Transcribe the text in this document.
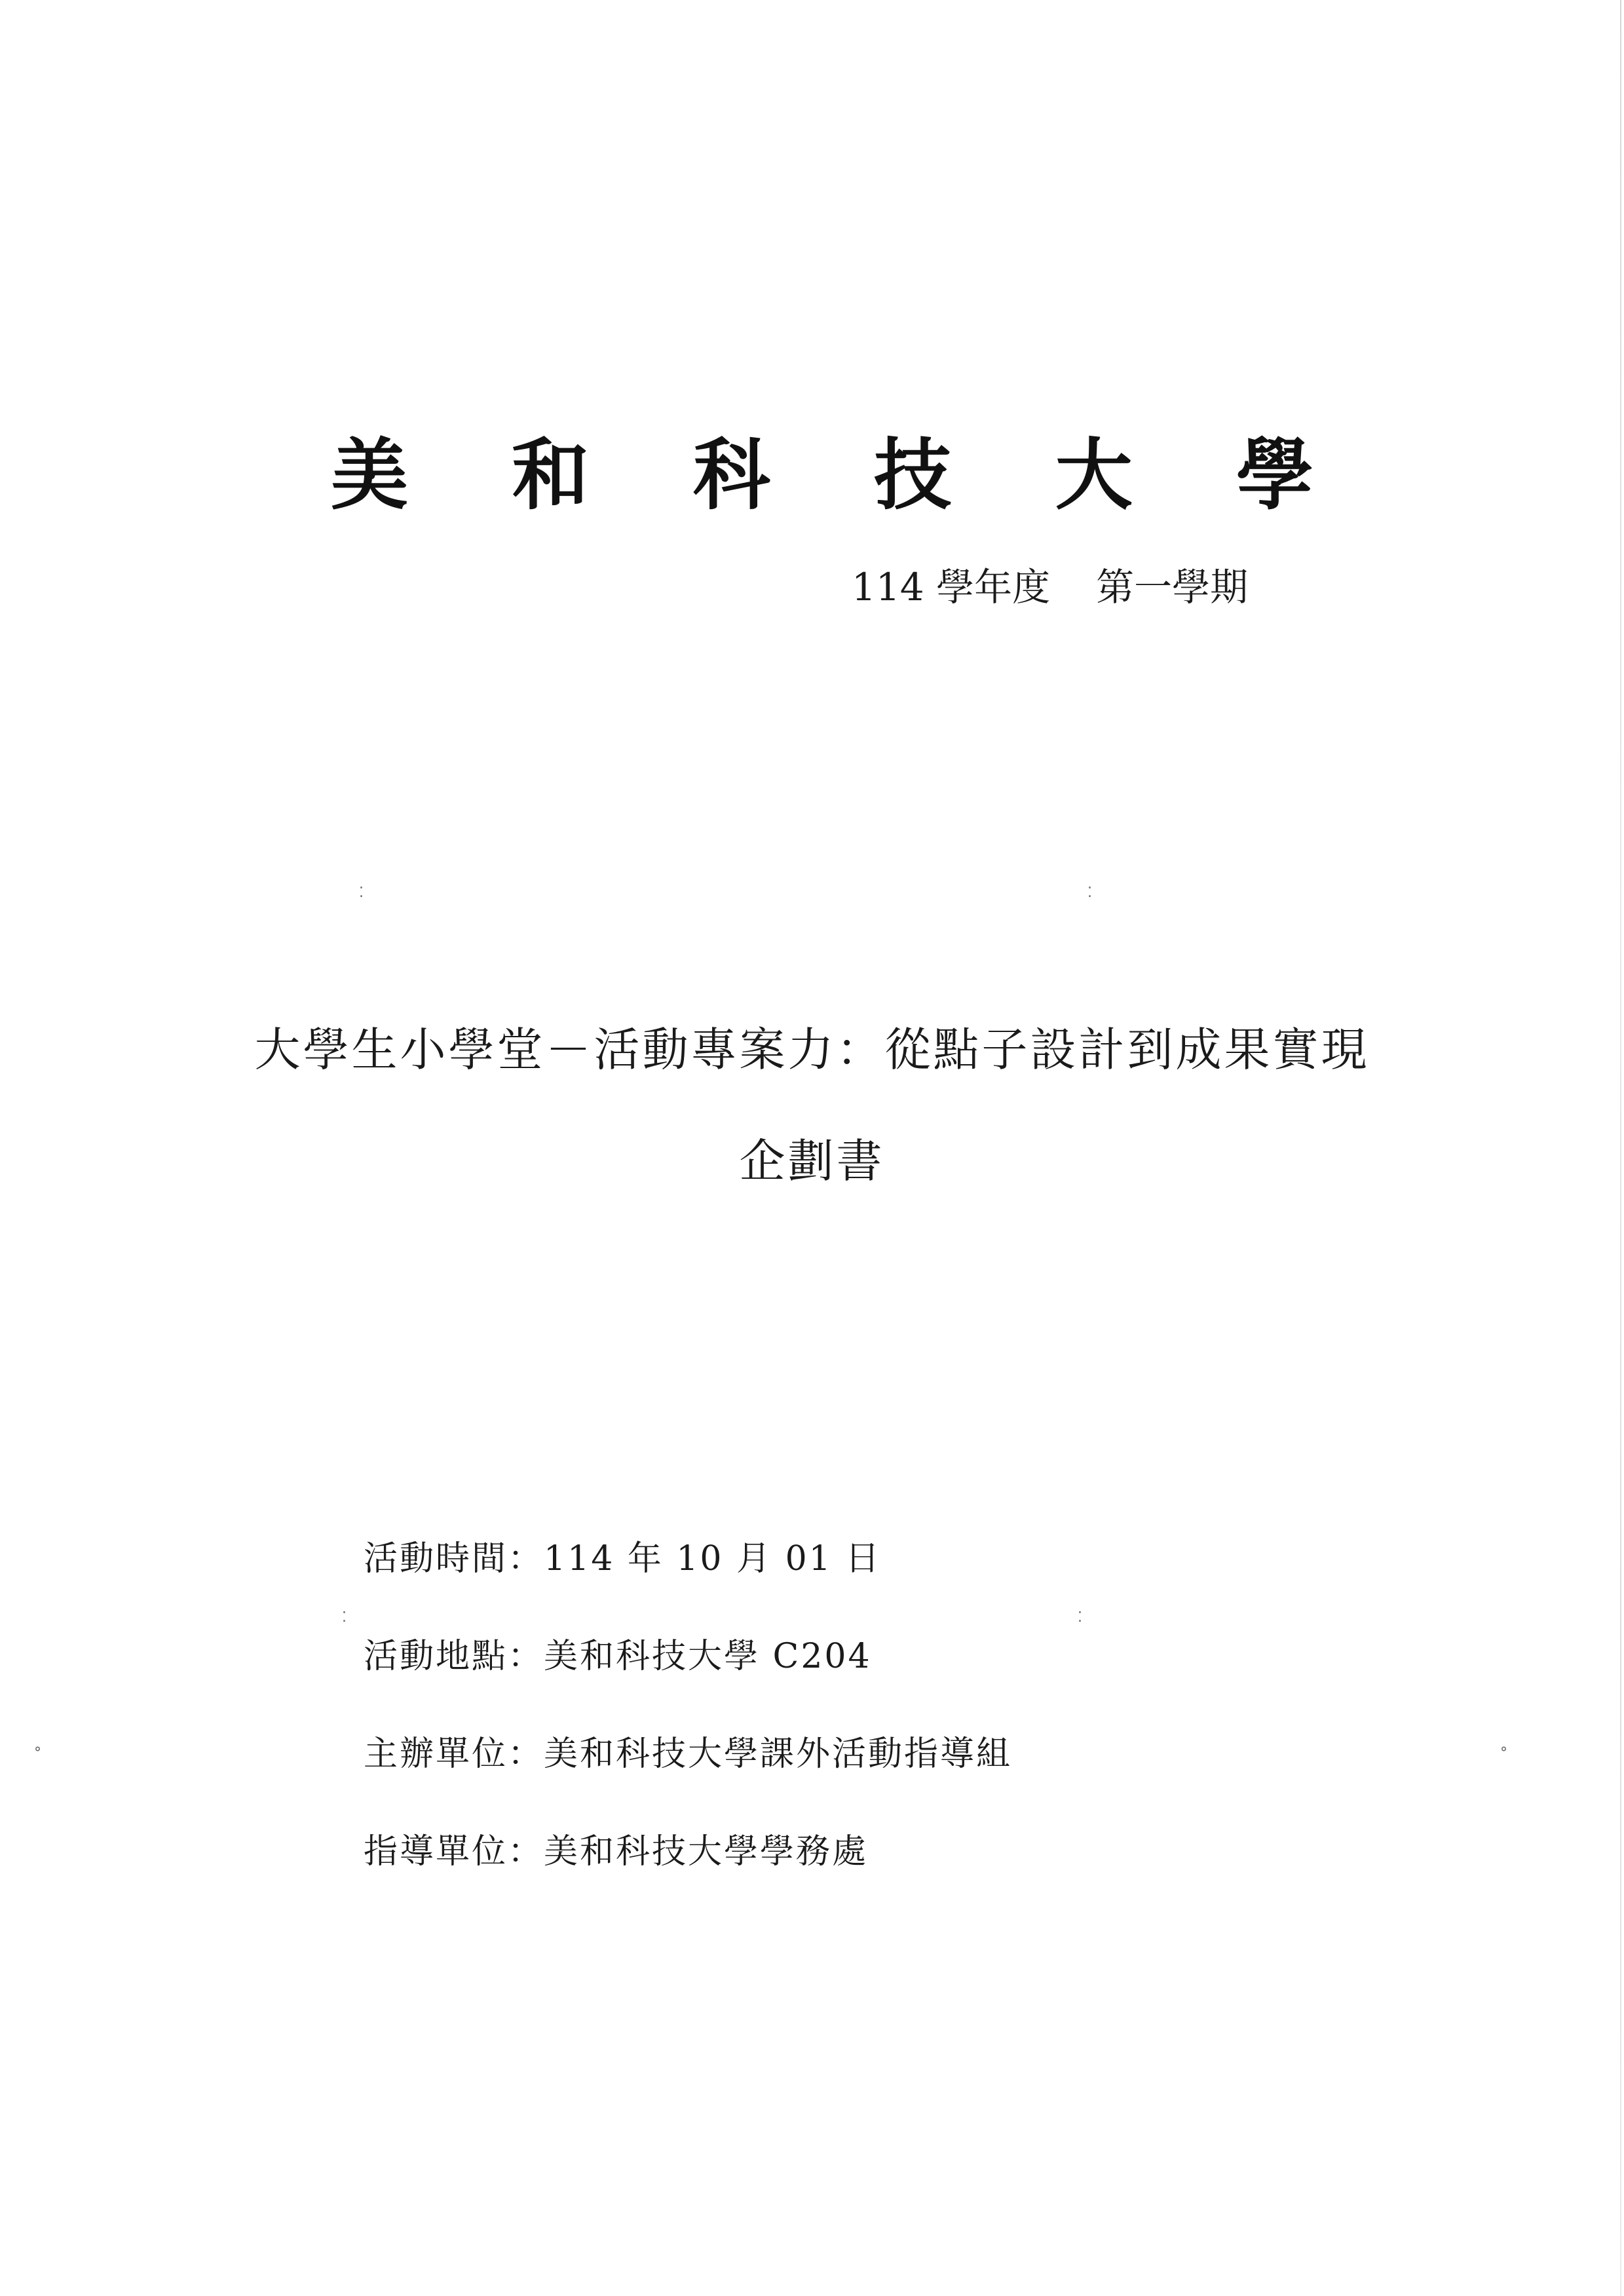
⁚	⁚
⁚	⁚
°	°
美 和 科 技 大 學
114 學年度 第一學期
大學生小學堂－活動專案力：從點子設計到成果實現
企劃書
活動時間 ： 114 年 10 月 01 日
活動地點 ： 美和科技大學 C204
主辦單位 ： 美和科技大學課外活動指導組
指導單位 ： 美和科技大學學務處
